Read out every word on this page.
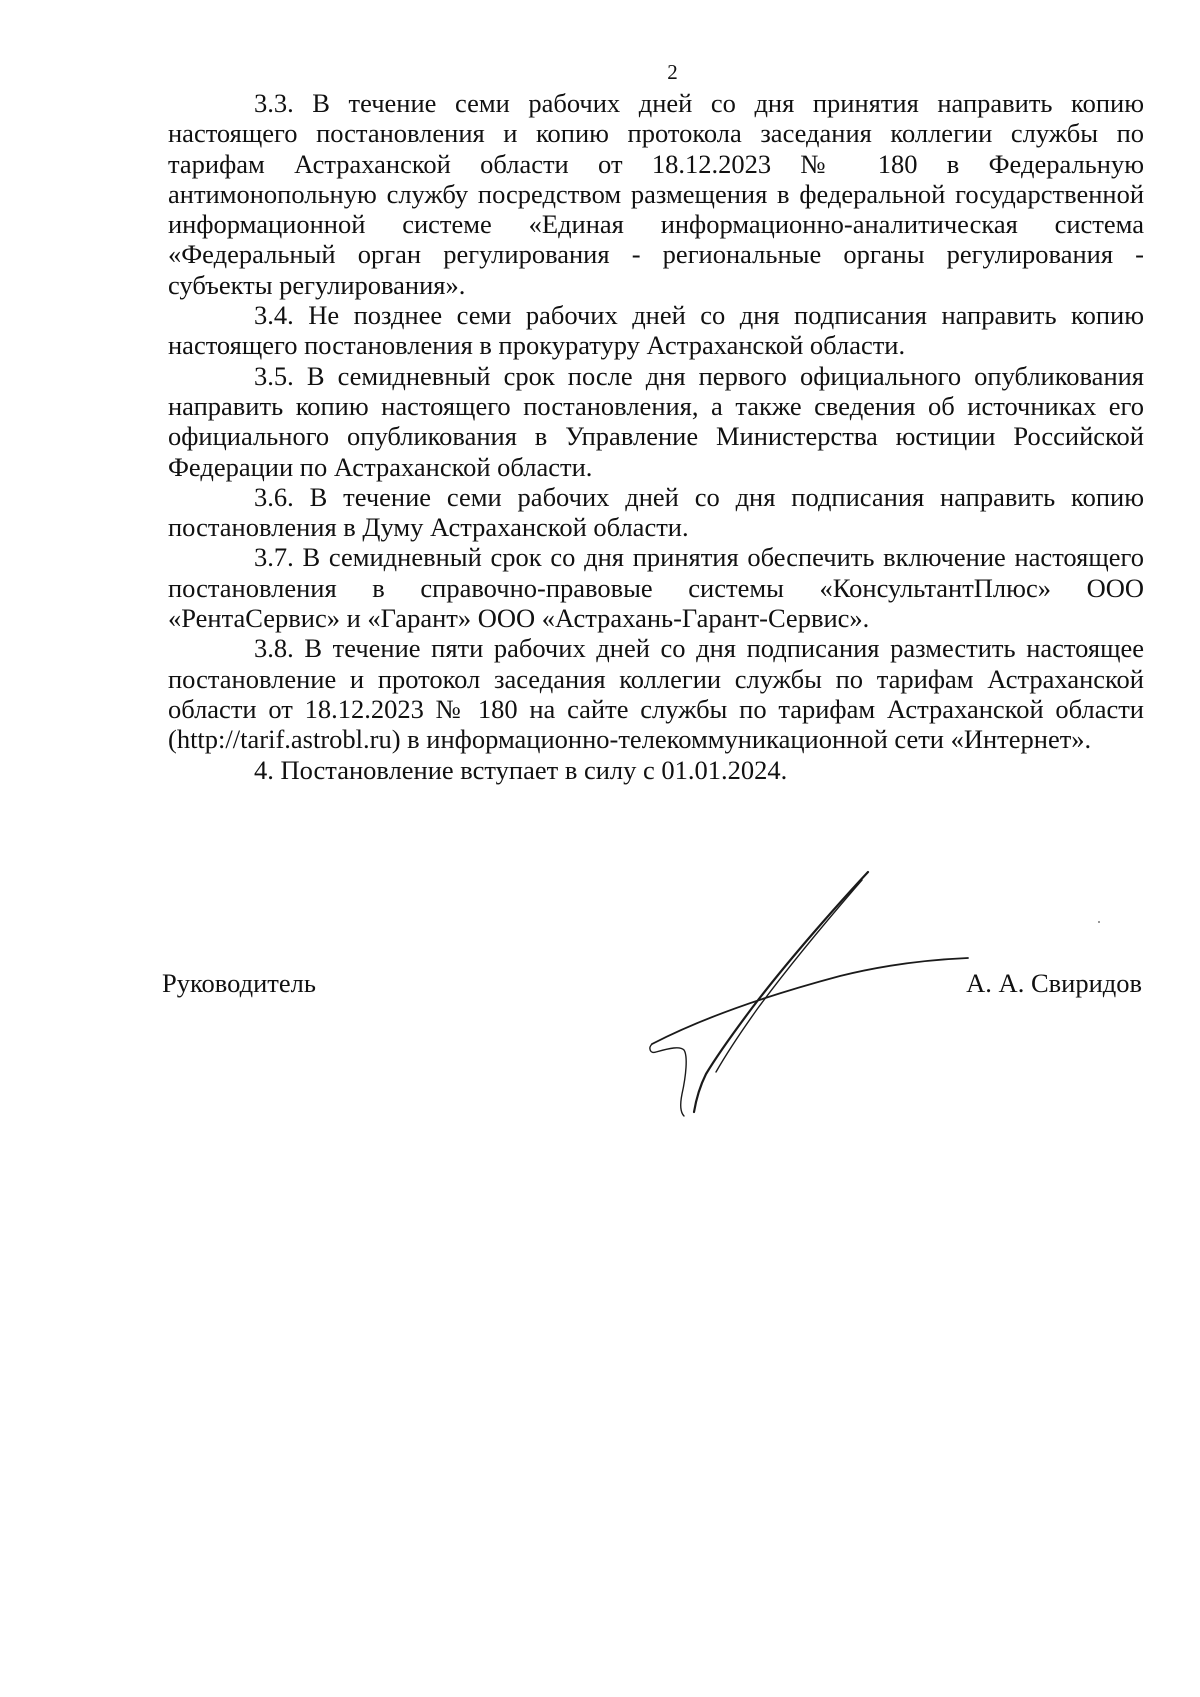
2

3.3. В течение семи рабочих дней со дня принятия направить копию настоящего постановления и копию протокола заседания коллегии службы по тарифам Астраханской области от 18.12.2023 № 180 в Федеральную антимонопольную службу посредством размещения в федеральной государственной информационной системе «Единая информационно-аналитическая система «Федеральный орган регулирования - региональные органы регулирования - субъекты регулирования».

3.4. Не позднее семи рабочих дней со дня подписания направить копию настоящего постановления в прокуратуру Астраханской области.

3.5. В семидневный срок после дня первого официального опубликования направить копию настоящего постановления, а также сведения об источниках его официального опубликования в Управление Министерства юстиции Российской Федерации по Астраханской области.

3.6. В течение семи рабочих дней со дня подписания направить копию постановления в Думу Астраханской области.

3.7. В семидневный срок со дня принятия обеспечить включение настоящего постановления в справочно-правовые системы «КонсультантПлюс» ООО «РентаСервис» и «Гарант» ООО «Астрахань-Гарант-Сервис».

3.8. В течение пяти рабочих дней со дня подписания разместить настоящее постановление и протокол заседания коллегии службы по тарифам Астраханской области от 18.12.2023 № 180 на сайте службы по тарифам Астраханской области (http://tarif.astrobl.ru) в информационно-телекоммуникационной сети «Интернет».

4. Постановление вступает в силу с 01.01.2024.

Руководитель	А. А. Свиридов
